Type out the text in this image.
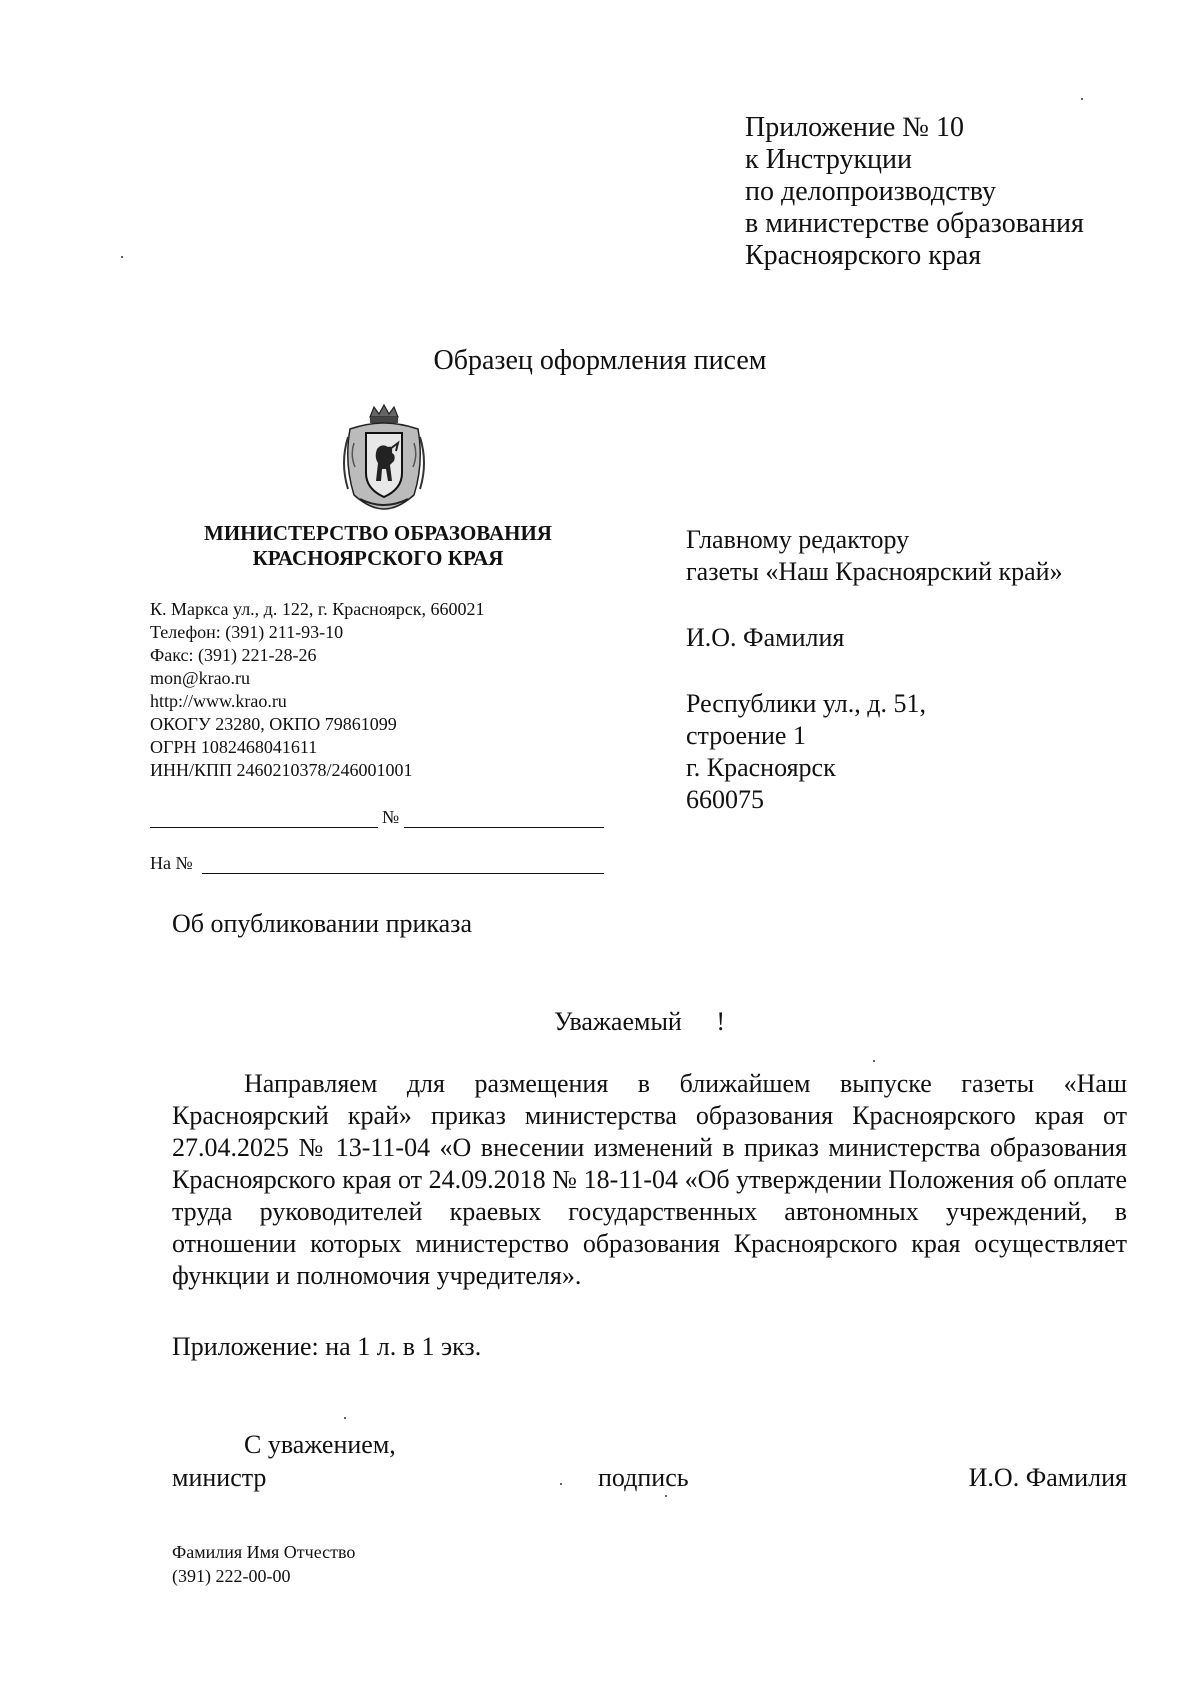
Приложение № 10
к Инструкции
по делопроизводству
в министерстве образования
Красноярского края
Образец оформления писем
МИНИСТЕРСТВО ОБРАЗОВАНИЯ
КРАСНОЯРСКОГО КРАЯ
К. Маркса ул., д. 122, г. Красноярск, 660021
Телефон: (391) 211-93-10
Факс: (391) 221-28-26
mon@krao.ru
http://www.krao.ru
ОКОГУ 23280, ОКПО 79861099
ОГРН 1082468041611
ИНН/КПП 2460210378/246001001
№
На №
Главному редактору
газеты «Наш Красноярский край»
И.О. Фамилия
Республики ул., д. 51,
строение 1
г. Красноярск
660075
Об опубликовании приказа
Уважаемый !

Направляем для размещения в ближайшем выпуске газеты «Наш Красноярский край» приказ министерства образования Красноярского края от 27.04.2025 № 13-11-04 «О внесении изменений в приказ министерства образования Красноярского края от 24.09.2018 № 18-11-04 «Об утверждении Положения об оплате труда руководителей краевых государственных автономных учреждений, в отношении которых министерство образования Красноярского края осуществляет функции и полномочия учредителя».

Приложение: на 1 л. в 1 экз.
С уважением,
министр	подпись	И.О. Фамилия
Фамилия Имя Отчество
(391) 222-00-00
